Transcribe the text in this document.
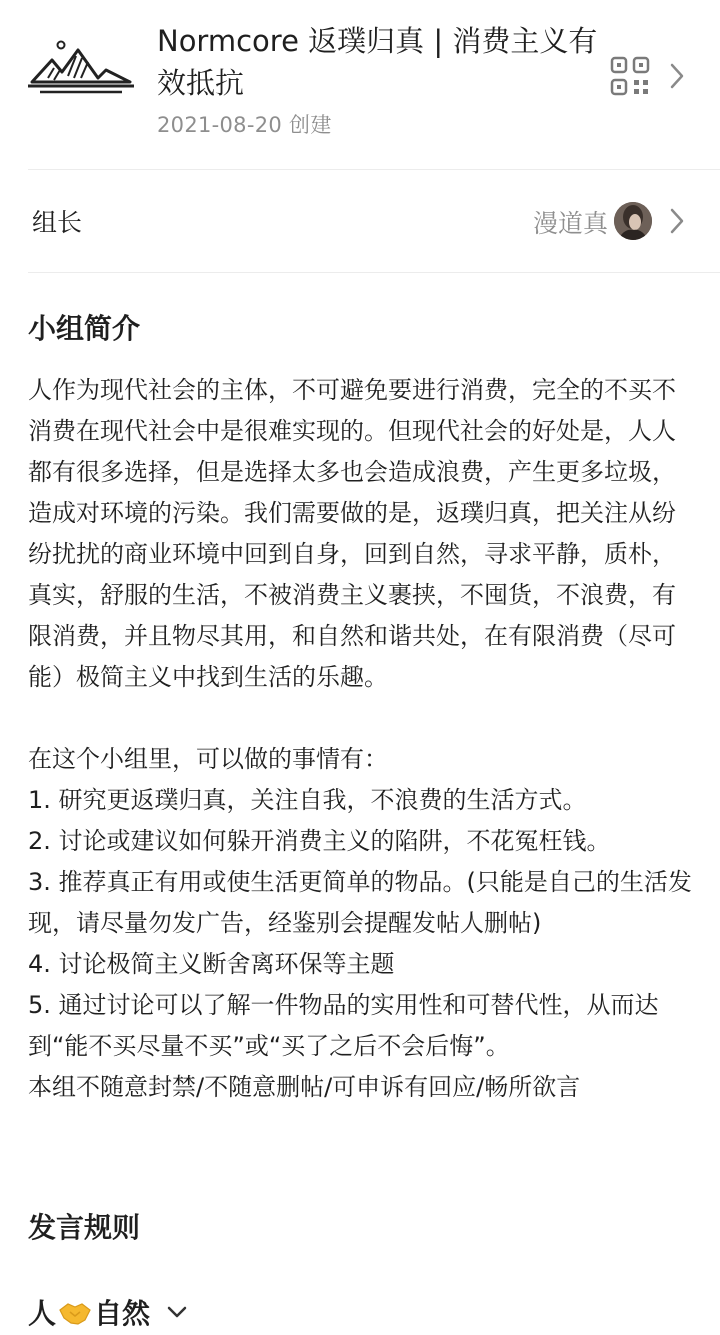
Normcore 返璞归真 | 消费主义有效抵抗
2021-08-20 创建
组长	漫道真
小组简介

人作为现代社会的主体，不可避免要进行消费，完全的不买不消费在现代社会中是很难实现的。但现代社会的好处是，人人都有很多选择，但是选择太多也会造成浪费，产生更多垃圾，造成对环境的污染。我们需要做的是，返璞归真，把关注从纷纷扰扰的商业环境中回到自身，回到自然，寻求平静，质朴，真实，舒服的生活，不被消费主义裹挟，不囤货，不浪费，有限消费，并且物尽其用，和自然和谐共处，在有限消费（尽可能）极简主义中找到生活的乐趣。

在这个小组里，可以做的事情有：

1. 研究更返璞归真，关注自我，不浪费的生活方式。

2. 讨论或建议如何躲开消费主义的陷阱，不花冤枉钱。

3. 推荐真正有用或使生活更简单的物品。(只能是自己的生活发现，请尽量勿发广告，经鉴别会提醒发帖人删帖)

4. 讨论极简主义断舍离环保等主题

5. 通过讨论可以了解一件物品的实用性和可替代性，从而达到“能不买尽量不买”或“买了之后不会后悔”。

本组不随意封禁/不随意删帖/可申诉有回应/畅所欲言

发言规则
人 自然
